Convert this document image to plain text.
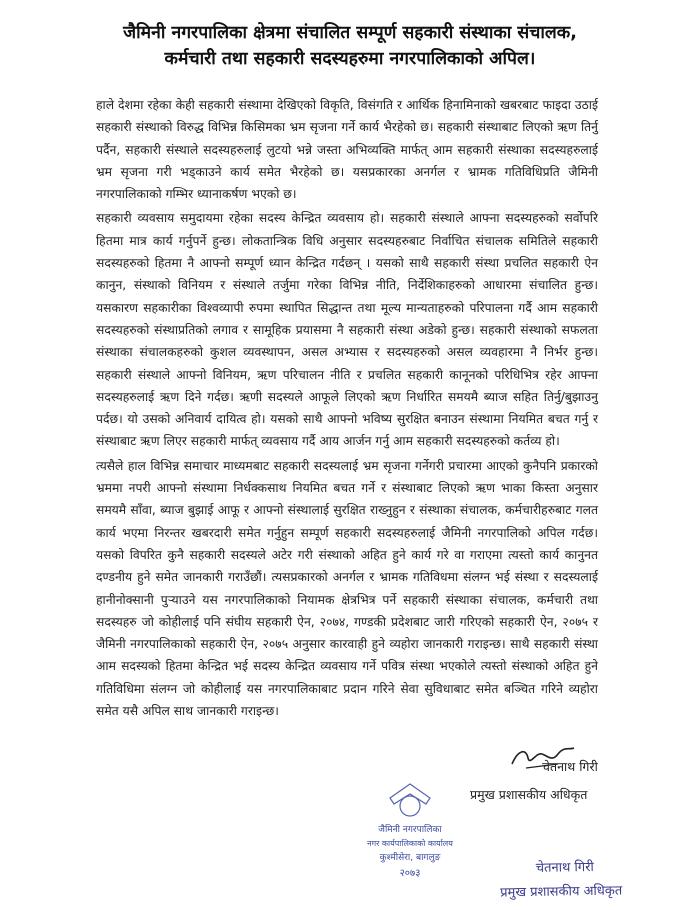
जैमिनी नगरपालिका क्षेत्रमा संचालित सम्पूर्ण सहकारी संस्थाका संचालक,
कर्मचारी तथा सहकारी सदस्यहरुमा नगरपालिकाको अपिल।

हाले देशमा रहेका केही सहकारी संस्थामा देखिएको विकृति, विसंगति र आर्थिक हिनामिनाको खबरबाट फाइदा उठाई सहकारी संस्थाको विरुद्ध विभिन्न किसिमका भ्रम सृजना गर्ने कार्य भैरहेको छ। सहकारी संस्थाबाट लिएको ऋण तिर्नु पर्दैन, सहकारी संस्थाले सदस्यहरुलाई लुटयो भन्ने जस्ता अभिव्यक्ति मार्फत् आम सहकारी संस्थाका सदस्यहरुलाई भ्रम सृजना गरी भड्काउने कार्य समेत भैरहेको छ। यसप्रकारका अनर्गल र भ्रामक गतिविधिप्रति जैमिनी नगरपालिकाको गम्भिर ध्यानाकर्षण भएको छ।

सहकारी व्यवसाय समुदायमा रहेका सदस्य केन्द्रित व्यवसाय हो। सहकारी संस्थाले आफ्ना सदस्यहरुको सर्वोपरि हितमा मात्र कार्य गर्नुपर्ने हुन्छ। लोकतान्त्रिक विधि अनुसार सदस्यहरुबाट निर्वाचित संचालक समितिले सहकारी सदस्यहरुको हितमा नै आफ्नो सम्पूर्ण ध्यान केन्द्रित गर्दछन् । यसको साथै सहकारी संस्था प्रचलित सहकारी ऐन कानुन, संस्थाको विनियम र संस्थाले तर्जुमा गरेका विभिन्न नीति, निर्देशिकाहरुको आधारमा संचालित हुन्छ। यसकारण सहकारीका विश्वव्यापी रुपमा स्थापित सिद्धान्त तथा मूल्य मान्यताहरुको परिपालना गर्दै आम सहकारी सदस्यहरुको संस्थाप्रतिको लगाव र सामूहिक प्रयासमा नै सहकारी संस्था अडेको हुन्छ। सहकारी संस्थाको सफलता संस्थाका संचालकहरुको कुशल व्यवस्थापन, असल अभ्यास र सदस्यहरुको असल व्यवहारमा नै निर्भर हुन्छ। सहकारी संस्थाले आफ्नो विनियम, ऋण परिचालन नीति र प्रचलित सहकारी कानूनको परिधिभित्र रहेर आफ्ना सदस्यहरुलाई ऋण दिने गर्दछ। ऋणी सदस्यले आफूले लिएको ऋण निर्धारित समयमै ब्याज सहित तिर्नु/बुझाउनु पर्दछ। यो उसको अनिवार्य दायित्व हो। यसको साथै आफ्नो भविष्य सुरक्षित बनाउन संस्थामा नियमित बचत गर्नु र संस्थाबाट ऋण लिएर सहकारी मार्फत् व्यवसाय गर्दै आय आर्जन गर्नु आम सहकारी सदस्यहरुको कर्तव्य हो।

त्यसैले हाल विभिन्न समाचार माध्यमबाट सहकारी सदस्यलाई भ्रम सृजना गर्नेगरी प्रचारमा आएको कुनैपनि प्रकारको भ्रममा नपरी आफ्नो संस्थामा निर्धक्कसाथ नियमित बचत गर्ने र संस्थाबाट लिएको ऋण भाका किस्ता अनुसार समयमै साँवा, ब्याज बुझाई आफू र आफ्नो संस्थालाई सुरक्षित राख्नुहुन र संस्थाका संचालक, कर्मचारीहरुबाट गलत कार्य भएमा निरन्तर खबरदारी समेत गर्नुहुन सम्पूर्ण सहकारी सदस्यहरुलाई जैमिनी नगरपालिको अपिल गर्दछ। यसको विपरित कुनै सहकारी सदस्यले अटेर गरी संस्थाको अहित हुने कार्य गरे वा गराएमा त्यस्तो कार्य कानुनत दण्डनीय हुने समेत जानकारी गराउँछौं। त्यसप्रकारको अनर्गल र भ्रामक गतिविधमा संलग्न भई संस्था र सदस्यलाई हानीनोक्सानी पुऱ्याउने यस नगरपालिकाको नियामक क्षेत्रभित्र पर्ने सहकारी संस्थाका संचालक, कर्मचारी तथा सदस्यहरु जो कोहीलाई पनि संघीय सहकारी ऐन, २०७४, गण्डकी प्रदेशबाट जारी गरिएको सहकारी ऐन, २०७५ र जैमिनी नगरपालिकाको सहकारी ऐन, २०७५ अनुसार कारवाही हुने व्यहोरा जानकारी गराइन्छ। साथै सहकारी संस्था आम सदस्यको हितमा केन्द्रित भई सदस्य केन्द्रित व्यवसाय गर्ने पवित्र संस्था भएकोले त्यस्तो संस्थाको अहित हुने गतिविधिमा संलग्न जो कोहीलाई यस नगरपालिकाबाट प्रदान गरिने सेवा सुविधाबाट समेत बञ्चित गरिने व्यहोरा समेत यसै अपिल साथ जानकारी गराइन्छ।

जैमिनी नगरपालिका
नगर कार्यपालिकाको कार्यालय
कुश्मीसेरा, बागलुङ
२०७३
चेतनाथ गिरी
प्रमुख प्रशासकीय अधिकृत
चेतनाथ गिरी
प्रमुख प्रशासकीय अधिकृत
